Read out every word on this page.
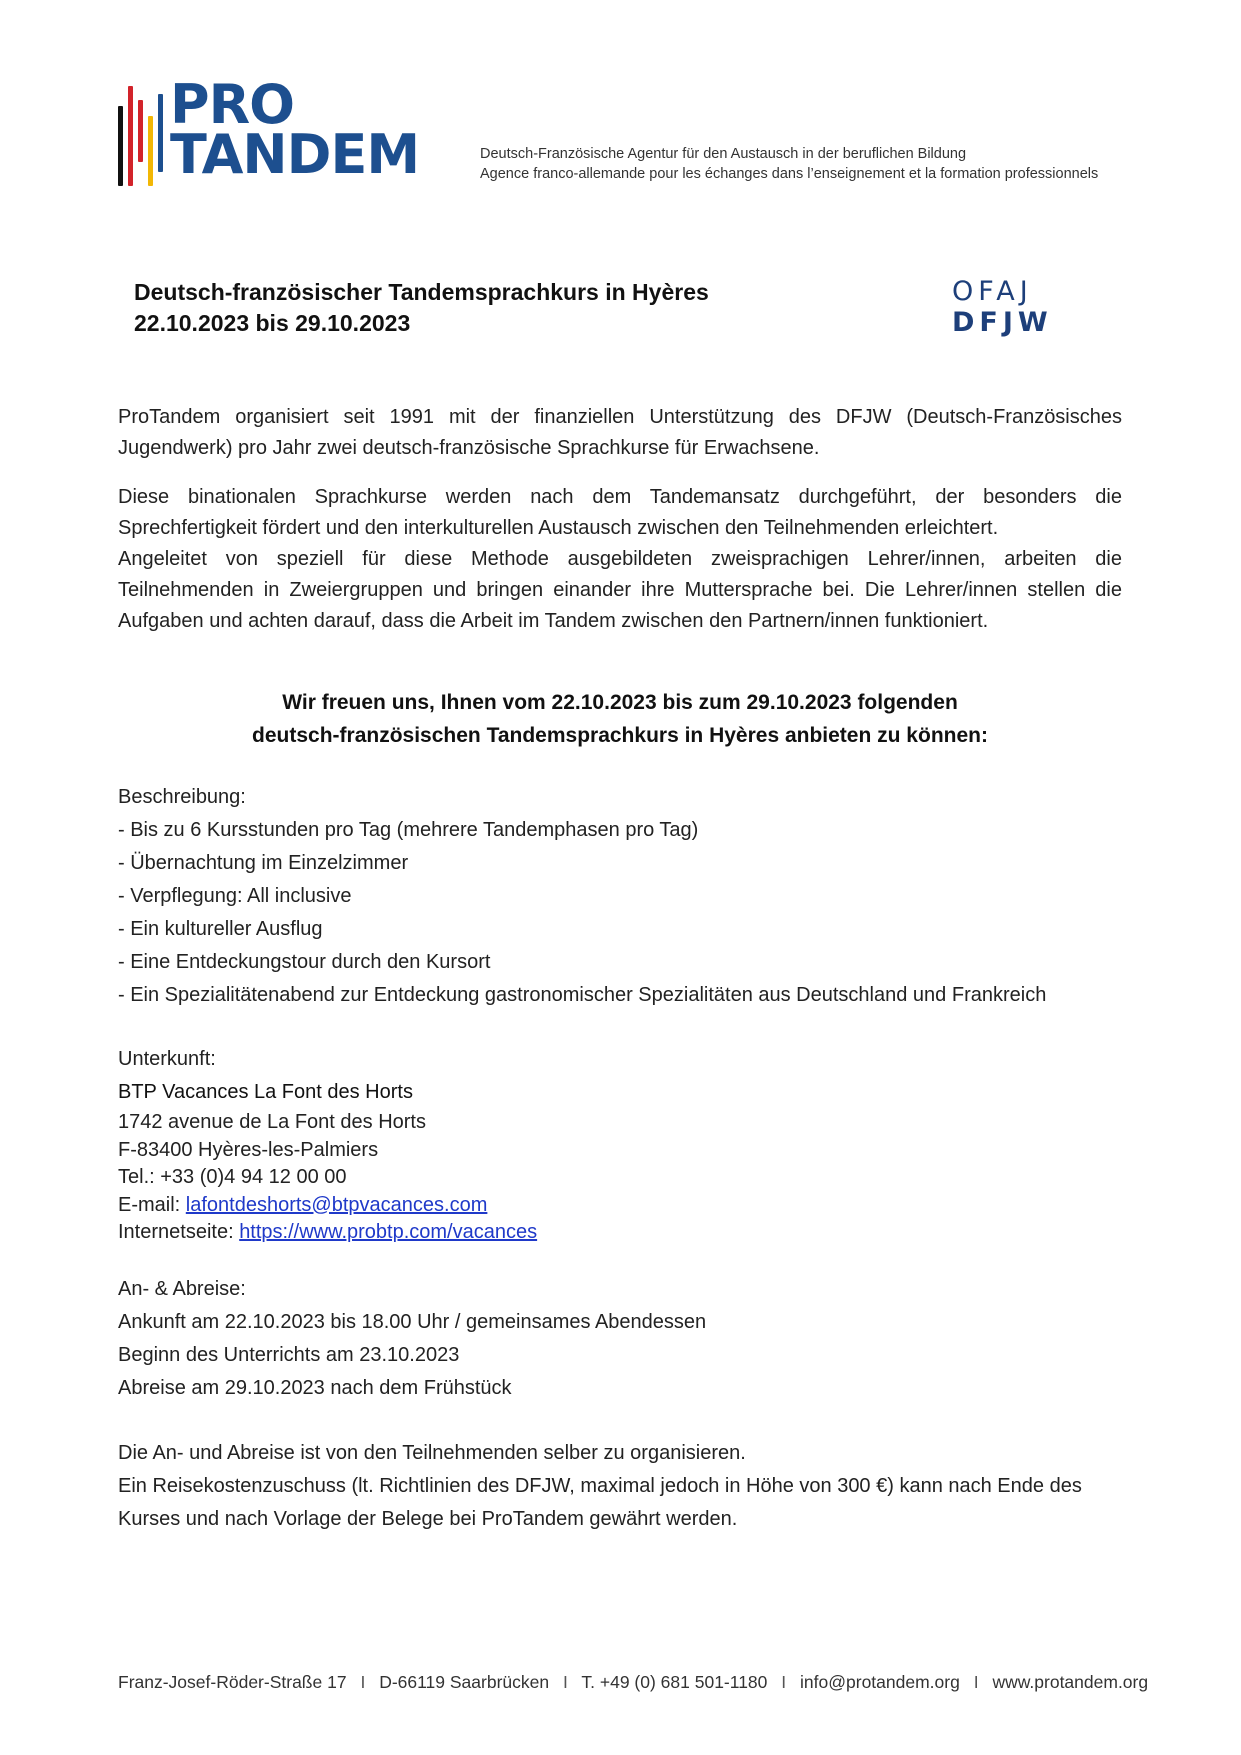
PRO
TANDEM	Deutsch-Französische Agentur für den Austausch in der beruflichen Bildung
Agence franco-allemande pour les échanges dans l’enseignement et la formation professionnels
Deutsch-französischer Tandemsprachkurs in Hyères
22.10.2023 bis 29.10.2023
OFAJ
DFJW

ProTandem organisiert seit 1991 mit der finanziellen Unterstützung des DFJW (Deutsch-Französisches Jugendwerk) pro Jahr zwei deutsch-französische Sprachkurse für Erwachsene.

Diese binationalen Sprachkurse werden nach dem Tandemansatz durchgeführt, der besonders die Sprechfertigkeit fördert und den interkulturellen Austausch zwischen den Teilnehmenden erleichtert.

Angeleitet von speziell für diese Methode ausgebildeten zweisprachigen Lehrer/innen, arbeiten die Teilnehmenden in Zweiergruppen und bringen einander ihre Muttersprache bei. Die Lehrer/innen stellen die Aufgaben und achten darauf, dass die Arbeit im Tandem zwischen den Partnern/innen funktioniert.

Wir freuen uns, Ihnen vom 22.10.2023 bis zum 29.10.2023 folgenden
deutsch-französischen Tandemsprachkurs in Hyères anbieten zu können:
Beschreibung:
- Bis zu 6 Kursstunden pro Tag (mehrere Tandemphasen pro Tag)
- Übernachtung im Einzelzimmer
- Verpflegung: All inclusive
- Ein kultureller Ausflug
- Eine Entdeckungstour durch den Kursort
- Ein Spezialitätenabend zur Entdeckung gastronomischer Spezialitäten aus Deutschland und Frankreich
Unterkunft:
BTP Vacances La Font des Horts
1742 avenue de La Font des Horts
F-83400 Hyères-les-Palmiers
Tel.: +33 (0)4 94 12 00 00
E-mail: lafontdeshorts@btpvacances.com
Internetseite: https://www.probtp.com/vacances
An- & Abreise:
Ankunft am 22.10.2023 bis 18.00 Uhr / gemeinsames Abendessen
Beginn des Unterrichts am 23.10.2023
Abreise am 29.10.2023 nach dem Frühstück

Die An- und Abreise ist von den Teilnehmenden selber zu organisieren.

Ein Reisekostenzuschuss (lt. Richtlinien des DFJW, maximal jedoch in Höhe von 300 €) kann nach Ende des Kurses und nach Vorlage der Belege bei ProTandem gewährt werden.

Franz-Josef-Röder-Straße 17 I D-66119 Saarbrücken I T. +49 (0) 681 501-1180 I info@protandem.org I www.protandem.org
